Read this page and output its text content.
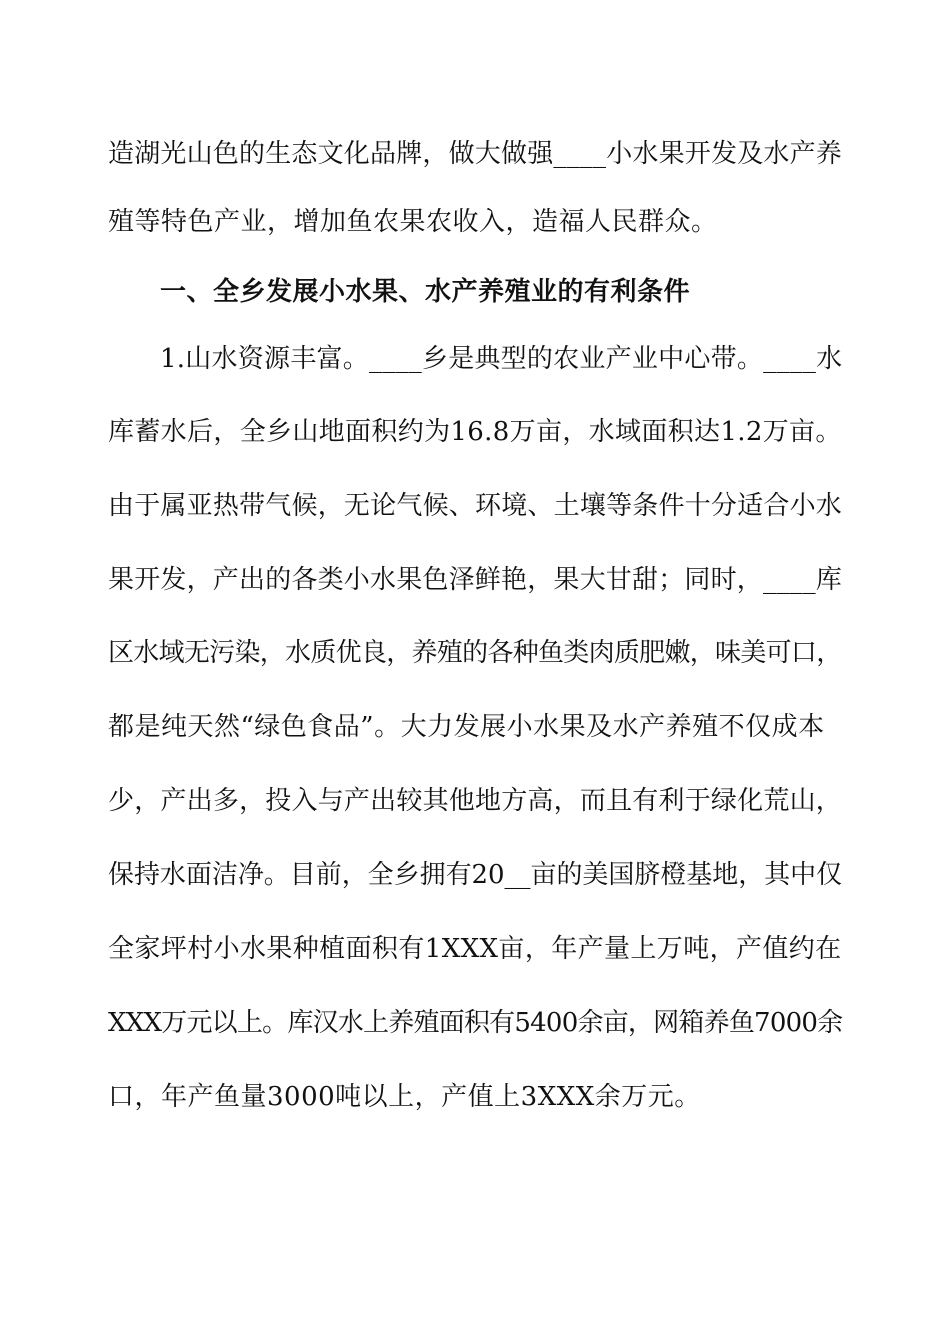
造湖光山色的生态文化品牌，做大做强____小水果开发及水产养
殖等特色产业，增加鱼农果农收入，造福人民群众。
一、全乡发展小水果、水产养殖业的有利条件
1.山水资源丰富。____乡是典型的农业产业中心带。____水
库蓄水后，全乡山地面积约为16.8万亩，水域面积达1.2万亩。
由于属亚热带气候，无论气候、环境、土壤等条件十分适合小水
果开发，产出的各类小水果色泽鲜艳，果大甘甜；同时，____库
区水域无污染，水质优良，养殖的各种鱼类肉质肥嫩，味美可口，
都是纯天然“绿色食品”。大力发展小水果及水产养殖不仅成本
少，产出多，投入与产出较其他地方高，而且有利于绿化荒山，
保持水面洁净。目前，全乡拥有20__亩的美国脐橙基地，其中仅
全家坪村小水果种植面积有1XXX亩，年产量上万吨，产值约在
XXX万元以上。库汉水上养殖面积有5400余亩，网箱养鱼7000余
口，年产鱼量3000吨以上，产值上3XXX余万元。
